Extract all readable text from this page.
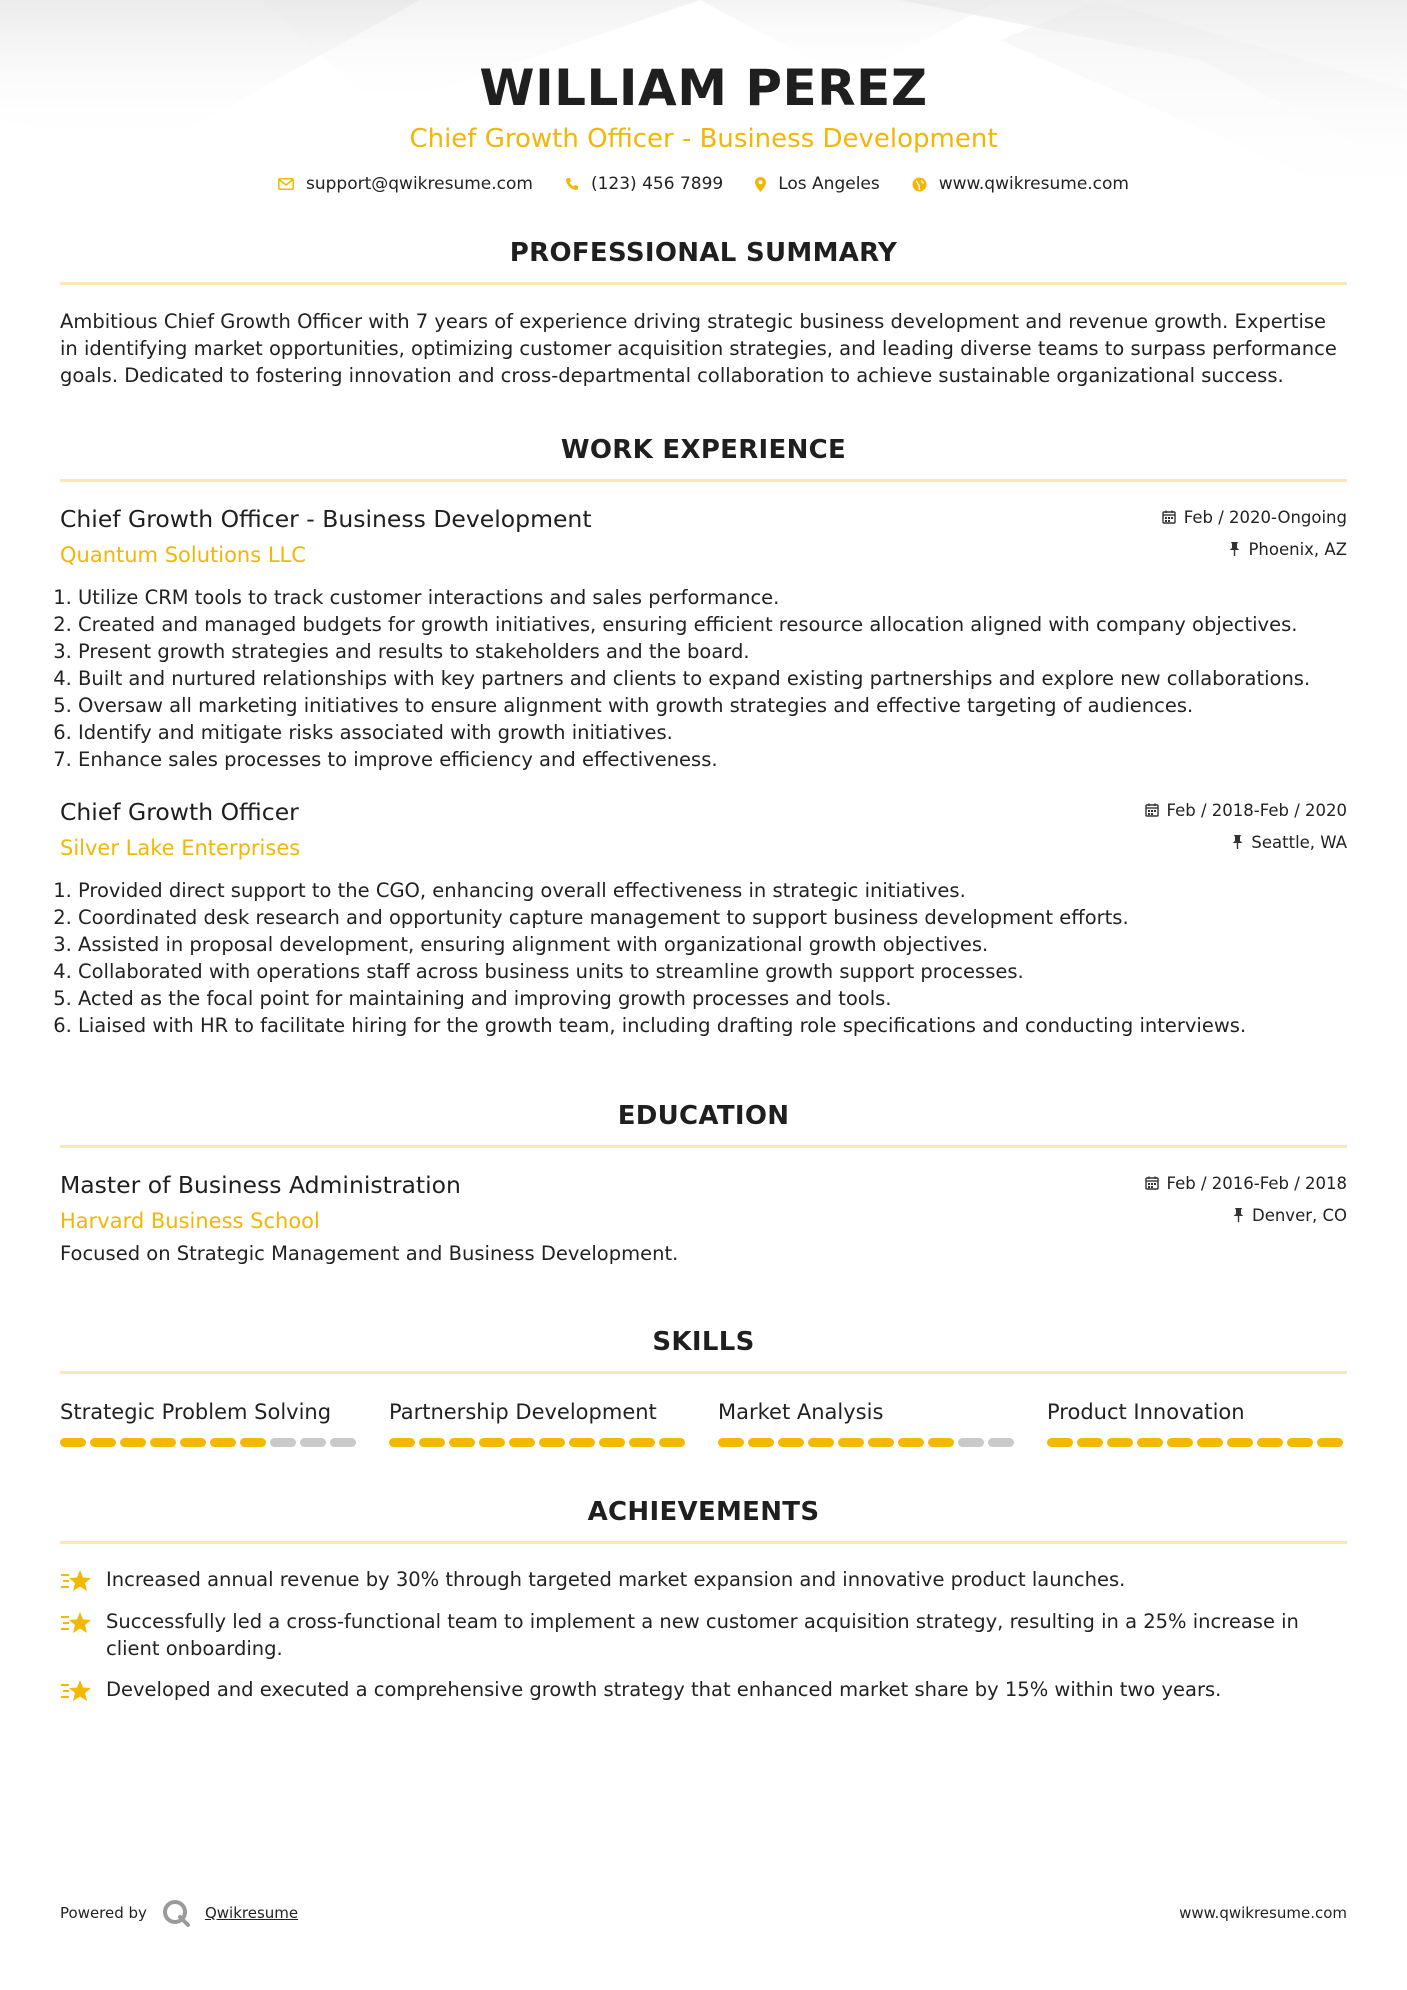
WILLIAM PEREZ
Chief Growth Officer - Business Development
support@qwikresume.com	(123) 456 7899	Los Angeles	www.qwikresume.com
PROFESSIONAL SUMMARY
Ambitious Chief Growth Officer with 7 years of experience driving strategic business development and revenue growth. Expertise in identifying market opportunities, optimizing customer acquisition strategies, and leading diverse teams to surpass performance goals. Dedicated to fostering innovation and cross-departmental collaboration to achieve sustainable organizational success.
WORK EXPERIENCE
Chief Growth Officer - Business Development
Quantum Solutions LLC
Feb / 2020-Ongoing
Phoenix, AZ
1. Utilize CRM tools to track customer interactions and sales performance.
2. Created and managed budgets for growth initiatives, ensuring efficient resource allocation aligned with company objectives.
3. Present growth strategies and results to stakeholders and the board.
4. Built and nurtured relationships with key partners and clients to expand existing partnerships and explore new collaborations.
5. Oversaw all marketing initiatives to ensure alignment with growth strategies and effective targeting of audiences.
6. Identify and mitigate risks associated with growth initiatives.
7. Enhance sales processes to improve efficiency and effectiveness.
Chief Growth Officer
Silver Lake Enterprises
Feb / 2018-Feb / 2020
Seattle, WA
1. Provided direct support to the CGO, enhancing overall effectiveness in strategic initiatives.
2. Coordinated desk research and opportunity capture management to support business development efforts.
3. Assisted in proposal development, ensuring alignment with organizational growth objectives.
4. Collaborated with operations staff across business units to streamline growth support processes.
5. Acted as the focal point for maintaining and improving growth processes and tools.
6. Liaised with HR to facilitate hiring for the growth team, including drafting role specifications and conducting interviews.
EDUCATION
Master of Business Administration
Harvard Business School
Feb / 2016-Feb / 2018
Denver, CO
Focused on Strategic Management and Business Development.
SKILLS
Strategic Problem Solving	Partnership Development	Market Analysis	Product Innovation
ACHIEVEMENTS
Increased annual revenue by 30% through targeted market expansion and innovative product launches.
Successfully led a cross-functional team to implement a new customer acquisition strategy, resulting in a 25% increase in client onboarding.
Developed and executed a comprehensive growth strategy that enhanced market share by 15% within two years.
Powered by	Qwikresume	www.qwikresume.com
